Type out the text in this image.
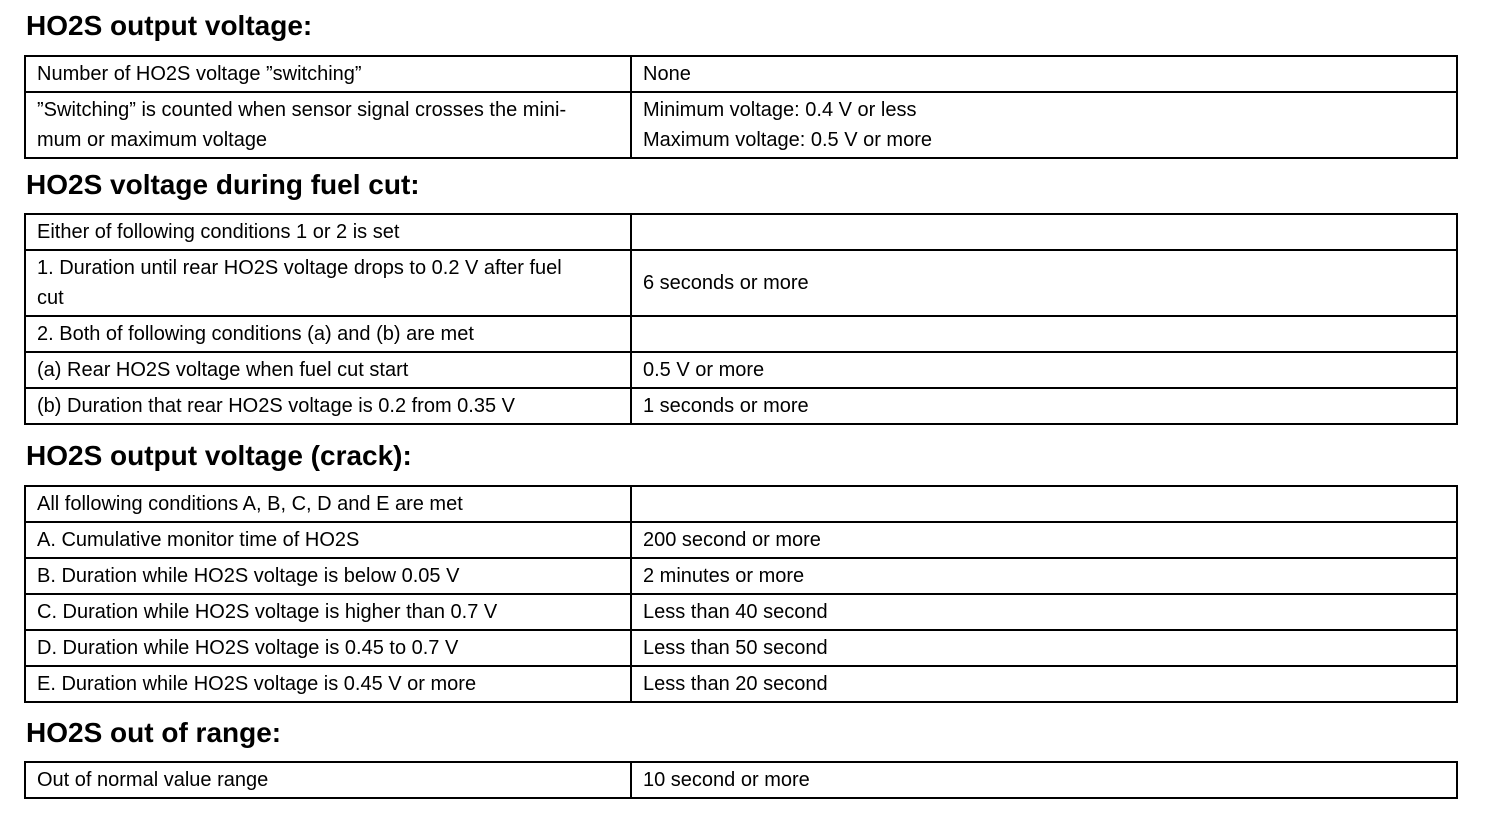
HO2S output voltage:
Number of HO2S voltage ”switching”	None

”Switching” is counted when sensor signal crosses the mini-
mum or maximum voltage	Minimum voltage: 0.4 V or less
Maximum voltage: 0.5 V or more
HO2S voltage during fuel cut:
Either of following conditions 1 or 2 is set	

1. Duration until rear HO2S voltage drops to 0.2 V after fuel
cut	6 seconds or more

2. Both of following conditions (a) and (b) are met	

(a) Rear HO2S voltage when fuel cut start	0.5 V or more

(b) Duration that rear HO2S voltage is 0.2 from 0.35 V	1 seconds or more
HO2S output voltage (crack):
All following conditions A, B, C, D and E are met	

A. Cumulative monitor time of HO2S	200 second or more

B. Duration while HO2S voltage is below 0.05 V	2 minutes or more

C. Duration while HO2S voltage is higher than 0.7 V	Less than 40 second

D. Duration while HO2S voltage is 0.45 to 0.7 V	Less than 50 second

E. Duration while HO2S voltage is 0.45 V or more	Less than 20 second
HO2S out of range:
Out of normal value range	10 second or more
